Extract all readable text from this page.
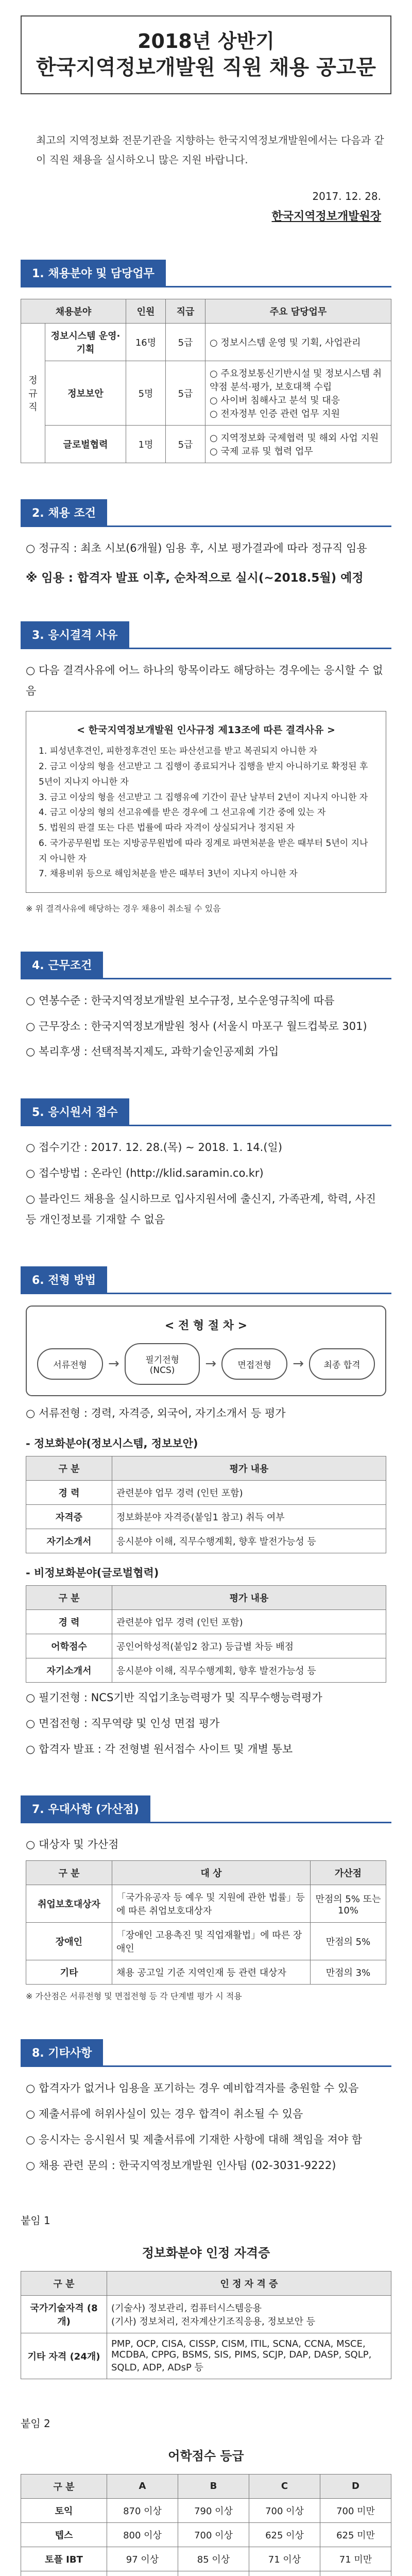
2018년 상반기
한국지역정보개발원 직원 채용 공고문
최고의 지역정보화 전문기관을 지향하는 한국지역정보개발원에서는 다음과 같이 직원 채용을 실시하오니 많은 지원 바랍니다.
2017. 12. 28.
한국지역정보개발원장
1. 채용분야 및 담당업무
채용분야		인원	직급	주요 담당업무
정규직	정보시스템 운영·기획	16명	5급	○ 정보시스템 운영 및 기획, 사업관리
	정보보안	5명	5급	○ 주요정보통신기반시설 및 정보시스템 취약점 분석·평가, 보호대책 수립
○ 사이버 침해사고 분석 및 대응
○ 전자정부 인증 관련 업무 지원
	글로벌협력	1명	5급	○ 지역정보화 국제협력 및 해외 사업 지원
○ 국제 교류 및 협력 업무
2. 채용 조건
○ 정규직 : 최초 시보(6개월) 임용 후, 시보 평가결과에 따라 정규직 임용
※ 임용 : 합격자 발표 이후, 순차적으로 실시(∼2018.5월) 예정
3. 응시결격 사유
○ 다음 결격사유에 어느 하나의 항목이라도 해당하는 경우에는 응시할 수 없음
< 한국지역정보개발원 인사규정 제13조에 따른 결격사유 >
1. 피성년후견인, 피한정후견인 또는 파산선고를 받고 복권되지 아니한 자
2. 금고 이상의 형을 선고받고 그 집행이 종료되거나 집행을 받지 아니하기로 확정된 후 5년이 지나지 아니한 자
3. 금고 이상의 형을 선고받고 그 집행유예 기간이 끝난 날부터 2년이 지나지 아니한 자
4. 금고 이상의 형의 선고유예를 받은 경우에 그 선고유예 기간 중에 있는 자
5. 법원의 판결 또는 다른 법률에 따라 자격이 상실되거나 정지된 자
6. 국가공무원법 또는 지방공무원법에 따라 징계로 파면처분을 받은 때부터 5년이 지나지 아니한 자
7. 채용비위 등으로 해임처분을 받은 때부터 3년이 지나지 아니한 자
※ 위 결격사유에 해당하는 경우 채용이 취소될 수 있음
4. 근무조건
○ 연봉수준 : 한국지역정보개발원 보수규정, 보수운영규칙에 따름
○ 근무장소 : 한국지역정보개발원 청사 (서울시 마포구 월드컵북로 301)
○ 복리후생 : 선택적복지제도, 과학기술인공제회 가입
5. 응시원서 접수
○ 접수기간 : 2017. 12. 28.(목) ∼ 2018. 1. 14.(일)
○ 접수방법 : 온라인 (http://klid.saramin.co.kr)
○ 블라인드 채용을 실시하므로 입사지원서에 출신지, 가족관계, 학력, 사진 등 개인정보를 기재할 수 없음
6. 전형 방법
< 전 형 절 차 >
서류전형	→	필기전형 (NCS)	→	면접전형	→	최종 합격
○ 서류전형 : 경력, 자격증, 외국어, 자기소개서 등 평가
- 정보화분야(정보시스템, 정보보안)
구 분	평가 내용
경 력	관련분야 업무 경력 (인턴 포함)
자격증	정보화분야 자격증(붙임1 참고) 취득 여부
자기소개서	응시분야 이해, 직무수행계획, 향후 발전가능성 등
- 비정보화분야(글로벌협력)
구 분	평가 내용
경 력	관련분야 업무 경력 (인턴 포함)
어학점수	공인어학성적(붙임2 참고) 등급별 차등 배점
자기소개서	응시분야 이해, 직무수행계획, 향후 발전가능성 등
○ 필기전형 : NCS기반 직업기초능력평가 및 직무수행능력평가
○ 면접전형 : 직무역량 및 인성 면접 평가
○ 합격자 발표 : 각 전형별 원서접수 사이트 및 개별 통보
7. 우대사항 (가산점)
○ 대상자 및 가산점
구 분	대 상	가산점
취업보호대상자	「국가유공자 등 예우 및 지원에 관한 법률」등에 따른 취업보호대상자	만점의 5% 또는 10%
장애인	「장애인 고용촉진 및 직업재활법」에 따른 장애인	만점의 5%
기타	채용 공고일 기준 지역인재 등 관련 대상자	만점의 3%
※ 가산점은 서류전형 및 면접전형 등 각 단계별 평가 시 적용
8. 기타사항
○ 합격자가 없거나 임용을 포기하는 경우 예비합격자를 충원할 수 있음
○ 제출서류에 허위사실이 있는 경우 합격이 취소될 수 있음
○ 응시자는 응시원서 및 제출서류에 기재한 사항에 대해 책임을 져야 함
○ 채용 관련 문의 : 한국지역정보개발원 인사팀 (02-3031-9222)
붙임 1
정보화분야 인정 자격증
구 분	인 정 자 격 증
국가기술자격 (8개)	(기술사) 정보관리, 컴퓨터시스템응용
(기사) 정보처리, 전자계산기조직응용, 정보보안 등
기타 자격 (24개)	PMP, OCP, CISA, CISSP, CISM, ITIL, SCNA, CCNA, MSCE, MCDBA, CPPG, BSMS, SIS, PIMS, SCJP, DAP, DASP, SQLP, SQLD, ADP, ADsP 등
붙임 2
어학점수 등급
구 분	A	B	C	D
토익	870 이상	790 이상	700 이상	700 미만
텝스	800 이상	700 이상	625 이상	625 미만
토플 IBT	97 이상	85 이상	71 이상	71 미만
